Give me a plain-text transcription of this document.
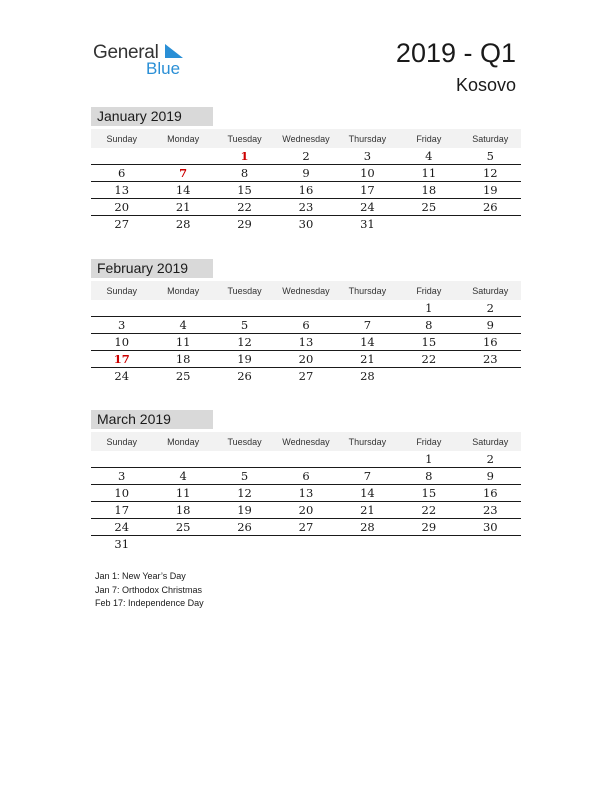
General
Blue
2019 - Q1
Kosovo
January 2019
Sunday	Monday	Tuesday	Wednesday	Thursday	Friday	Saturday
		1	2	3	4	5
6	7	8	9	10	11	12
13	14	15	16	17	18	19
20	21	22	23	24	25	26
27	28	29	30	31		
February 2019
Sunday	Monday	Tuesday	Wednesday	Thursday	Friday	Saturday
					1	2
3	4	5	6	7	8	9
10	11	12	13	14	15	16
17	18	19	20	21	22	23
24	25	26	27	28		
March 2019
Sunday	Monday	Tuesday	Wednesday	Thursday	Friday	Saturday
					1	2
3	4	5	6	7	8	9
10	11	12	13	14	15	16
17	18	19	20	21	22	23
24	25	26	27	28	29	30
31						
Jan 1: New Year’s Day
Jan 7: Orthodox Christmas
Feb 17: Independence Day
